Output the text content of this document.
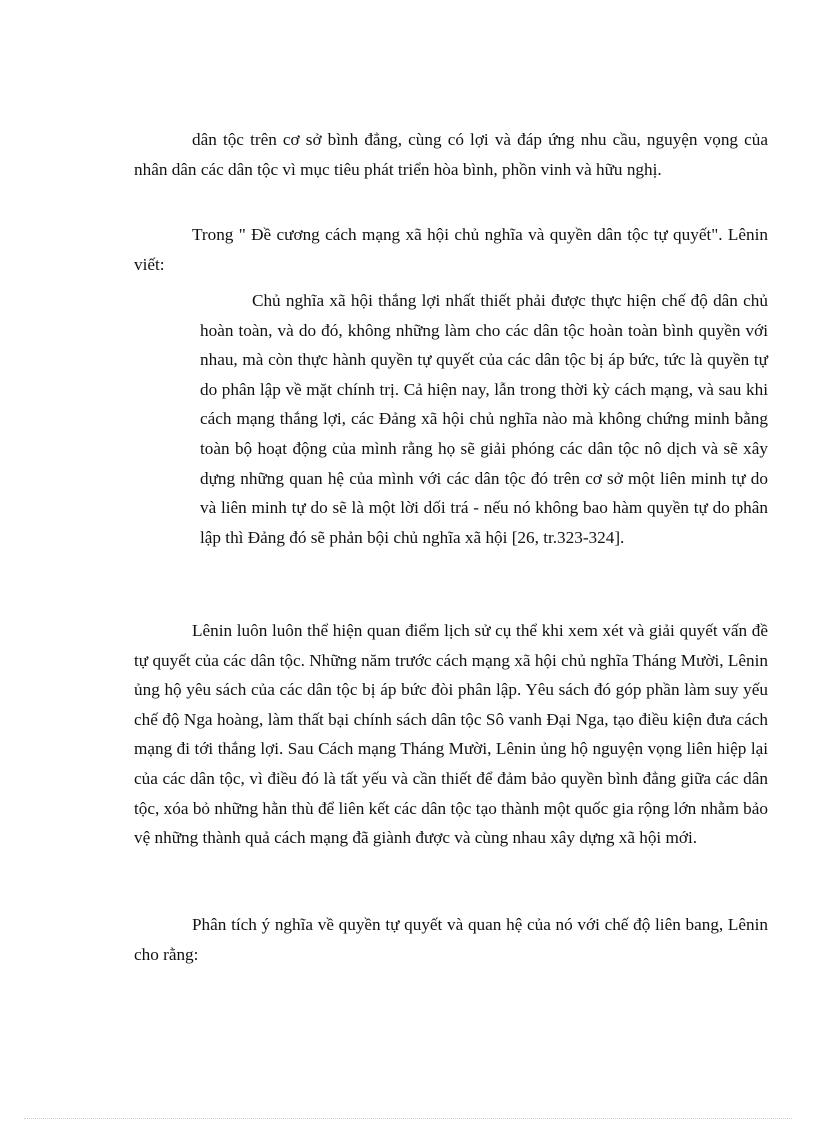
dân tộc trên cơ sở bình đẳng, cùng có lợi và đáp ứng nhu cầu, nguyện vọng của nhân dân các dân tộc vì mục tiêu phát triển hòa bình, phồn vinh và hữu nghị.

Trong " Đề cương cách mạng xã hội chủ nghĩa và quyền dân tộc tự quyết". Lênin viết:

Chủ nghĩa xã hội thắng lợi nhất thiết phải được thực hiện chế độ dân chủ hoàn toàn, và do đó, không những làm cho các dân tộc hoàn toàn bình quyền với nhau, mà còn thực hành quyền tự quyết của các dân tộc bị áp bức, tức là quyền tự do phân lập về mặt chính trị. Cả hiện nay, lẫn trong thời kỳ cách mạng, và sau khi cách mạng thắng lợi, các Đảng xã hội chủ nghĩa nào mà không chứng minh bằng toàn bộ hoạt động của mình rằng họ sẽ giải phóng các dân tộc nô dịch và sẽ xây dựng những quan hệ của mình với các dân tộc đó trên cơ sở một liên minh tự do và liên minh tự do sẽ là một lời dối trá - nếu nó không bao hàm quyền tự do phân lập thì Đảng đó sẽ phản bội chủ nghĩa xã hội [26, tr.323-324].

Lênin luôn luôn thể hiện quan điểm lịch sử cụ thể khi xem xét và giải quyết vấn đề tự quyết của các dân tộc. Những năm trước cách mạng xã hội chủ nghĩa Tháng Mười, Lênin ủng hộ yêu sách của các dân tộc bị áp bức đòi phân lập. Yêu sách đó góp phần làm suy yếu chế độ Nga hoàng, làm thất bại chính sách dân tộc Sô vanh Đại Nga, tạo điều kiện đưa cách mạng đi tới thắng lợi. Sau Cách mạng Tháng Mười, Lênin ủng hộ nguyện vọng liên hiệp lại của các dân tộc, vì điều đó là tất yếu và cần thiết để đảm bảo quyền bình đẳng giữa các dân tộc, xóa bỏ những hằn thù để liên kết các dân tộc tạo thành một quốc gia rộng lớn nhằm bảo vệ những thành quả cách mạng đã giành được và cùng nhau xây dựng xã hội mới.

Phân tích ý nghĩa về quyền tự quyết và quan hệ của nó với chế độ liên bang, Lênin cho rằng:
